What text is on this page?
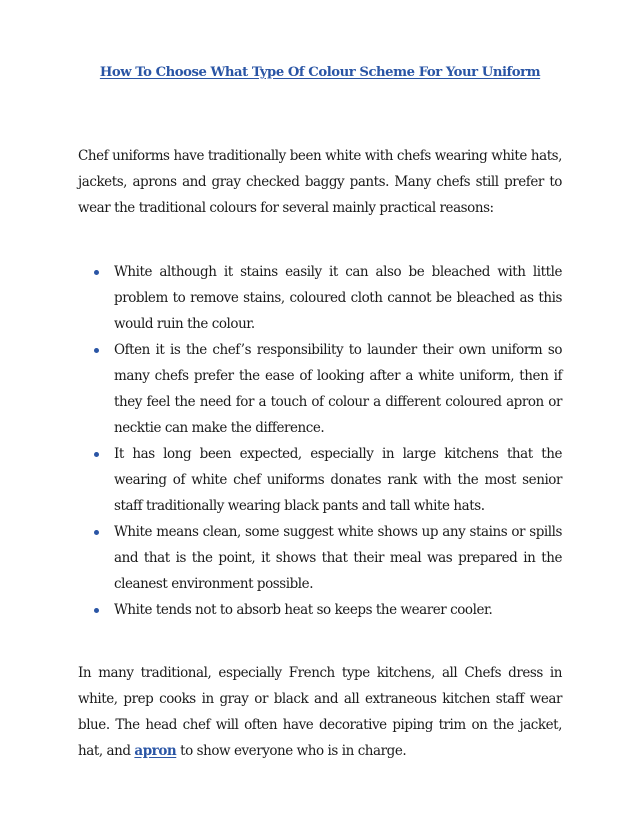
How To Choose What Type Of Colour Scheme For Your Uniform

Chef uniforms have traditionally been white with chefs wearing white hats, jackets, aprons and gray checked baggy pants. Many chefs still prefer to wear the traditional colours for several mainly practical reasons:

White although it stains easily it can also be bleached with little problem to remove stains, coloured cloth cannot be bleached as this would ruin the colour.
Often it is the chef’s responsibility to launder their own uniform so many chefs prefer the ease of looking after a white uniform, then if they feel the need for a touch of colour a different coloured apron or necktie can make the difference.
It has long been expected, especially in large kitchens that the wearing of white chef uniforms donates rank with the most senior staff traditionally wearing black pants and tall white hats.
White means clean, some suggest white shows up any stains or spills and that is the point, it shows that their meal was prepared in the cleanest environment possible.
White tends not to absorb heat so keeps the wearer cooler.

In many traditional, especially French type kitchens, all Chefs dress in white, prep cooks in gray or black and all extraneous kitchen staff wear blue. The head chef will often have decorative piping trim on the jacket, hat, and apron to show everyone who is in charge.
